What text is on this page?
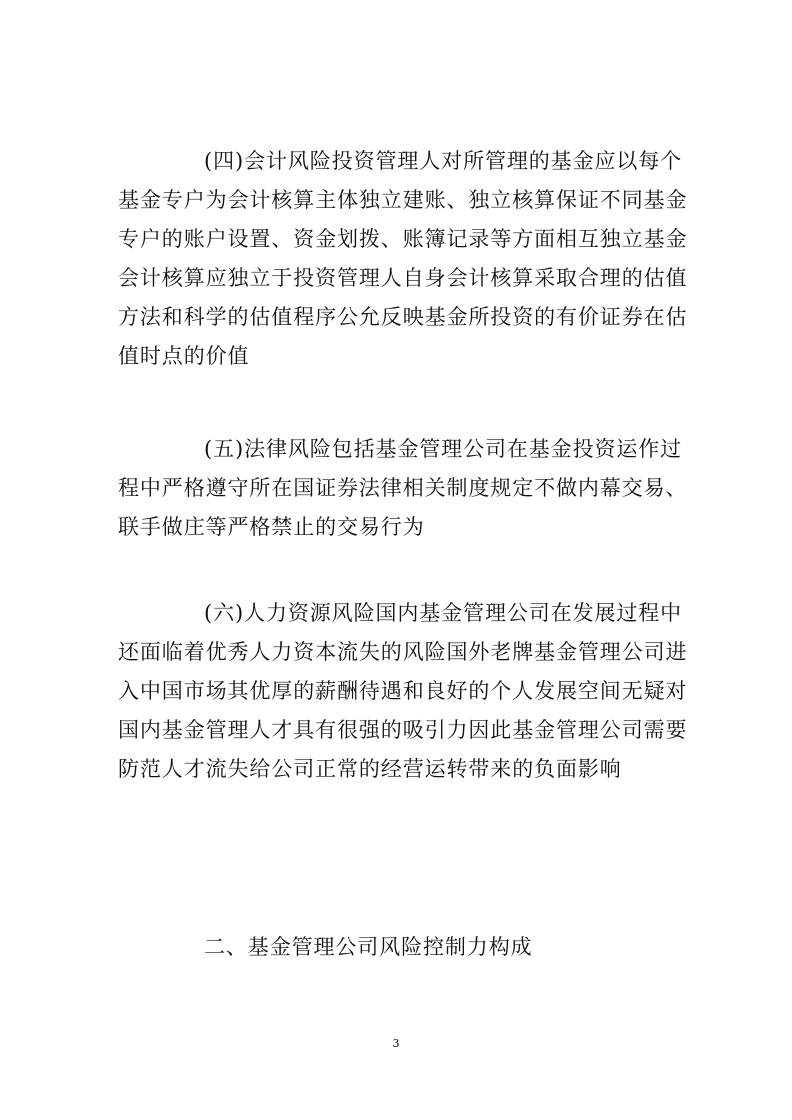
(四)会计风险投资管理人对所管理的基金应以每个
基金专户为会计核算主体独立建账、独立核算保证不同基金
专户的账户设置、资金划拨、账簿记录等方面相互独立基金
会计核算应独立于投资管理人自身会计核算采取合理的估值
方法和科学的估值程序公允反映基金所投资的有价证券在估
值时点的价值
(五)法律风险包括基金管理公司在基金投资运作过
程中严格遵守所在国证券法律相关制度规定不做内幕交易、
联手做庄等严格禁止的交易行为
(六)人力资源风险国内基金管理公司在发展过程中
还面临着优秀人力资本流失的风险国外老牌基金管理公司进
入中国市场其优厚的薪酬待遇和良好的个人发展空间无疑对
国内基金管理人才具有很强的吸引力因此基金管理公司需要
防范人才流失给公司正常的经营运转带来的负面影响
二、基金管理公司风险控制力构成
3
